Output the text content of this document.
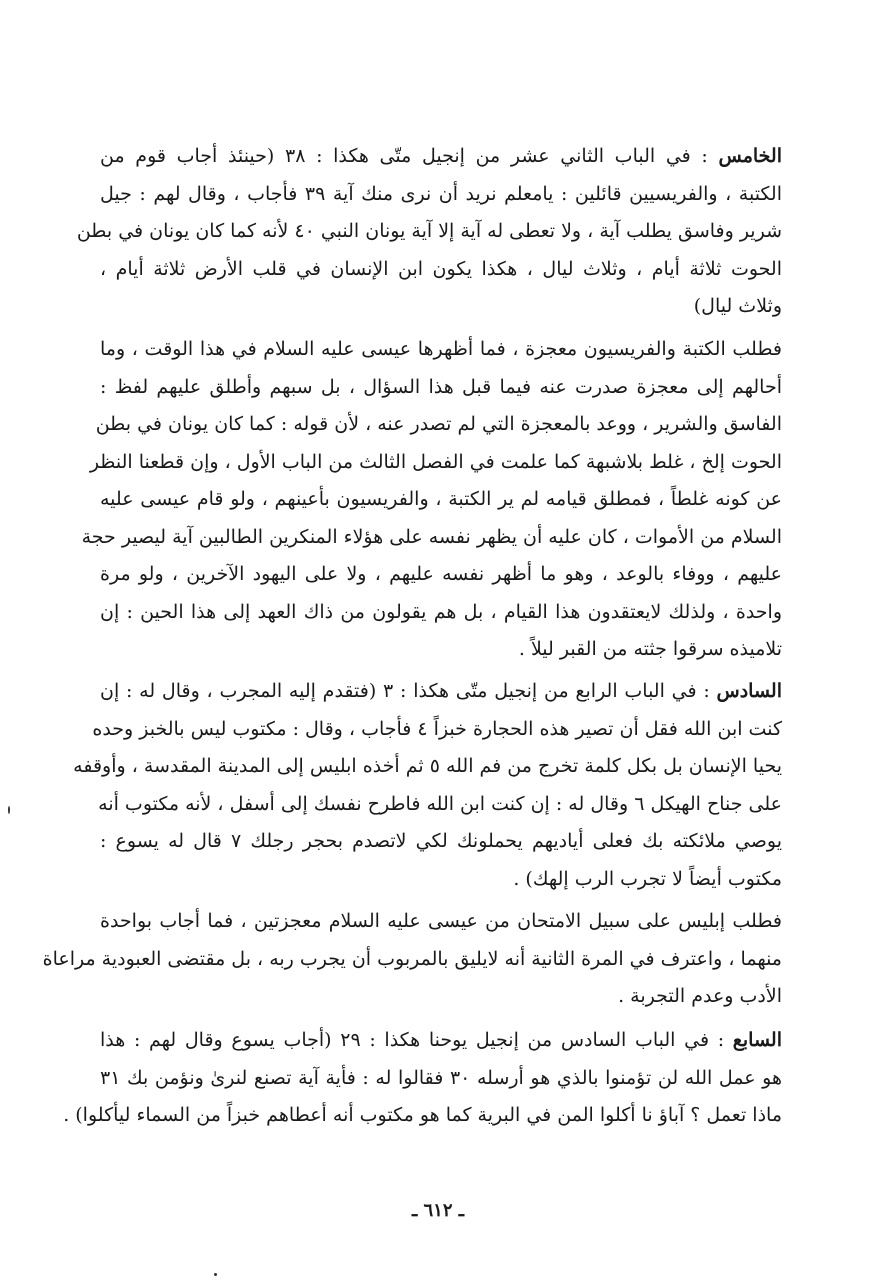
الخامس : في الباب الثاني عشر من إنجيل متّى هكذا : ٣٨ (حينئذ أجاب قوم من
الكتبة ، والفريسيين قائلين : يامعلم نريد أن نرى منك آية ٣٩ فأجاب ، وقال لهم : جيل
شرير وفاسق يطلب آية ، ولا تعطى له آية إلا آية يونان النبي ٤٠ لأنه كما كان يونان في بطن
الحوت ثلاثة أيام ، وثلاث ليال ، هكذا يكون ابن الإنسان في قلب الأرض ثلاثة أيام ،
وثلاث ليال)
فطلب الكتبة والفريسيون معجزة ، فما أظهرها عيسى عليه السلام في هذا الوقت ، وما
أحالهم إلى معجزة صدرت عنه فيما قبل هذا السؤال ، بل سبهم وأطلق عليهم لفظ :
الفاسق والشرير ، ووعد بالمعجزة التي لم تصدر عنه ، لأن قوله : كما كان يونان في بطن
الحوت إلخ ، غلط بلاشبهة كما علمت في الفصل الثالث من الباب الأول ، وإن قطعنا النظر
عن كونه غلطاً ، فمطلق قيامه لم ير الكتبة ، والفريسيون بأعينهم ، ولو قام عيسى عليه
السلام من الأموات ، كان عليه أن يظهر نفسه على هؤلاء المنكرين الطالبين آية ليصير حجة
عليهم ، ووفاء بالوعد ، وهو ما أظهر نفسه عليهم ، ولا على اليهود الآخرين ، ولو مرة
واحدة ، ولذلك لايعتقدون هذا القيام ، بل هم يقولون من ذاك العهد إلى هذا الحين : إن
تلاميذه سرقوا جثته من القبر ليلاً .
السادس : في الباب الرابع من إنجيل متّى هكذا : ٣ (فتقدم إليه المجرب ، وقال له : إن
كنت ابن الله فقل أن تصير هذه الحجارة خبزاً ٤ فأجاب ، وقال : مكتوب ليس بالخبز وحده
يحيا الإنسان بل بكل كلمة تخرج من فم الله ٥ ثم أخذه ابليس إلى المدينة المقدسة ، وأوقفه
على جناح الهيكل ٦ وقال له : إن كنت ابن الله فاطرح نفسك إلى أسفل ، لأنه مكتوب أنه
يوصي ملائكته بك فعلى أياديهم يحملونك لكي لاتصدم بحجر رجلك ٧ قال له يسوع :
مكتوب أيضاً لا تجرب الرب إلهك) .
فطلب إبليس على سبيل الامتحان من عيسى عليه السلام معجزتين ، فما أجاب بواحدة
منهما ، واعترف في المرة الثانية أنه لايليق بالمربوب أن يجرب ربه ، بل مقتضى العبودية مراعاة
الأدب وعدم التجربة .
السابع : في الباب السادس من إنجيل يوحنا هكذا : ٢٩ (أجاب يسوع وقال لهم : هذا
هو عمل الله لن تؤمنوا بالذي هو أرسله ٣٠ فقالوا له : فأية آية تصنع لنرىٰ ونؤمن بك ٣١
ماذا تعمل ؟ آباؤ نا أكلوا المن في البرية كما هو مكتوب أنه أعطاهم خبزاً من السماء ليأكلوا) .
ـ ٦١٢ ـ
